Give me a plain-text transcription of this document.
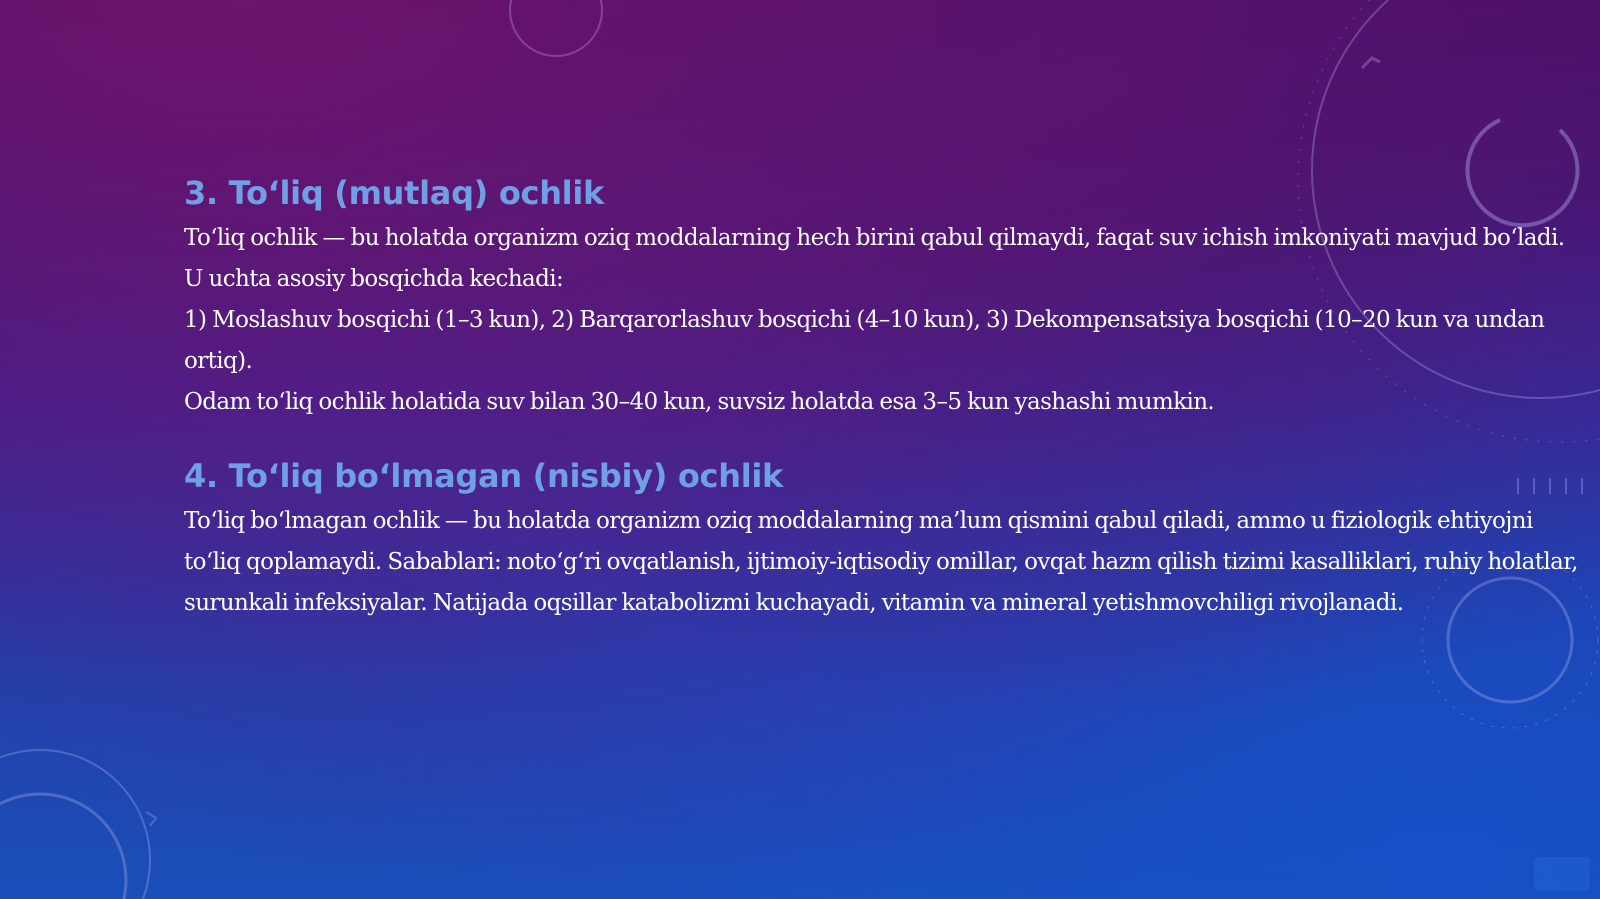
3. To‘liq (mutlaq) ochlik

To‘liq ochlik — bu holatda organizm oziq moddalarning hech birini qabul qilmaydi, faqat suv ichish imkoniyati mavjud bo‘ladi. U uchta asosiy bosqichda kechadi:

1) Moslashuv bosqichi (1–3 kun), 2) Barqarorlashuv bosqichi (4–10 kun), 3) Dekompensatsiya bosqichi (10–20 kun va undan ortiq).

Odam to‘liq ochlik holatida suv bilan 30–40 kun, suvsiz holatda esa 3–5 kun yashashi mumkin.

4. To‘liq bo‘lmagan (nisbiy) ochlik

To‘liq bo‘lmagan ochlik — bu holatda organizm oziq moddalarning ma’lum qismini qabul qiladi, ammo u fiziologik ehtiyojni to‘liq qoplamaydi. Sabablari: noto‘g‘ri ovqatlanish, ijtimoiy-iqtisodiy omillar, ovqat hazm qilish tizimi kasalliklari, ruhiy holatlar, surunkali infeksiyalar. Natijada oqsillar katabolizmi kuchayadi, vitamin va mineral yetishmovchiligi rivojlanadi.
